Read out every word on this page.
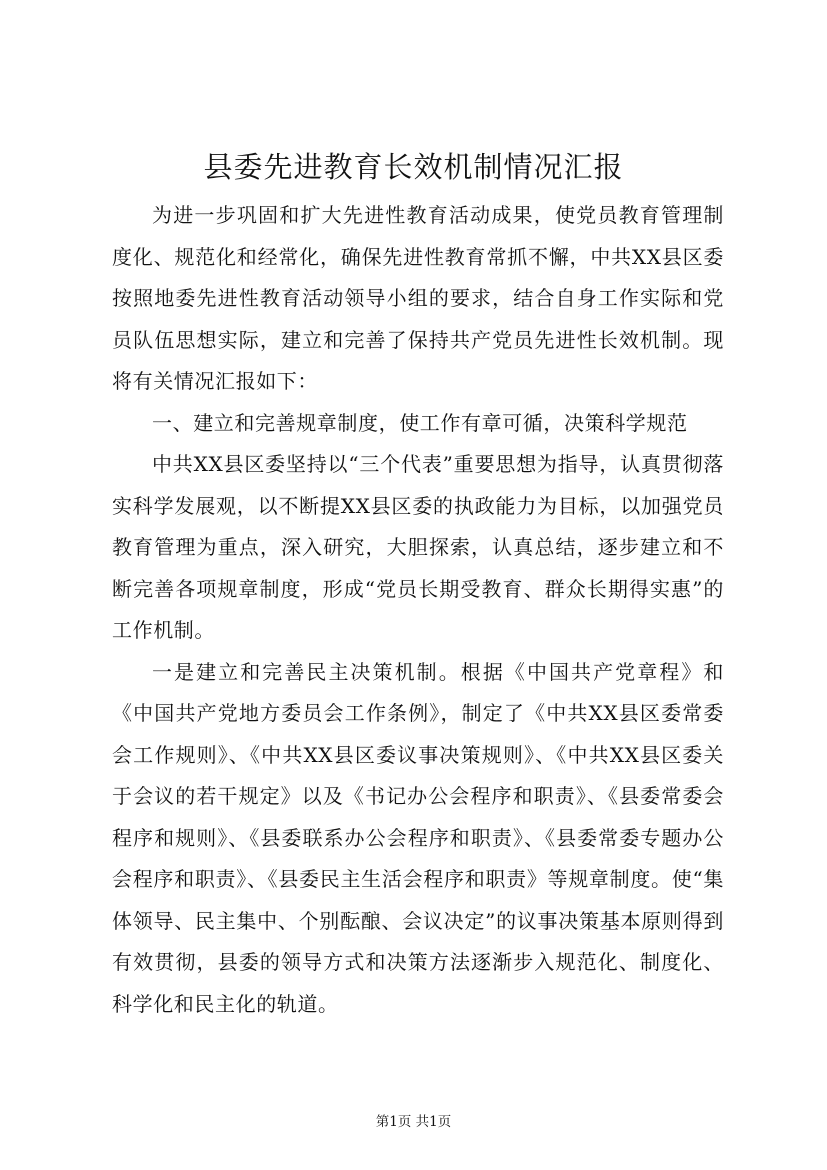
县委先进教育长效机制情况汇报

为进一步巩固和扩大先进性教育活动成果，使党员教育管理制度化、规范化和经常化，确保先进性教育常抓不懈，中共XX县区委按照地委先进性教育活动领导小组的要求，结合自身工作实际和党员队伍思想实际，建立和完善了保持共产党员先进性长效机制。现将有关情况汇报如下：

一、建立和完善规章制度，使工作有章可循，决策科学规范

中共XX县区委坚持以“三个代表”重要思想为指导，认真贯彻落实科学发展观，以不断提XX县区委的执政能力为目标，以加强党员教育管理为重点，深入研究，大胆探索，认真总结，逐步建立和不断完善各项规章制度，形成“党员长期受教育、群众长期得实惠”的工作机制。

一是建立和完善民主决策机制。根据《中国共产党章程》和《中国共产党地方委员会工作条例》，制定了《中共XX县区委常委会工作规则》、《中共XX县区委议事决策规则》、《中共XX县区委关于会议的若干规定》以及《书记办公会程序和职责》、《县委常委会程序和规则》、《县委联系办公会程序和职责》、《县委常委专题办公会程序和职责》、《县委民主生活会程序和职责》等规章制度。使“集体领导、民主集中、个别酝酿、会议决定”的议事决策基本原则得到有效贯彻，县委的领导方式和决策方法逐渐步入规范化、制度化、科学化和民主化的轨道。

第1页 共1页
